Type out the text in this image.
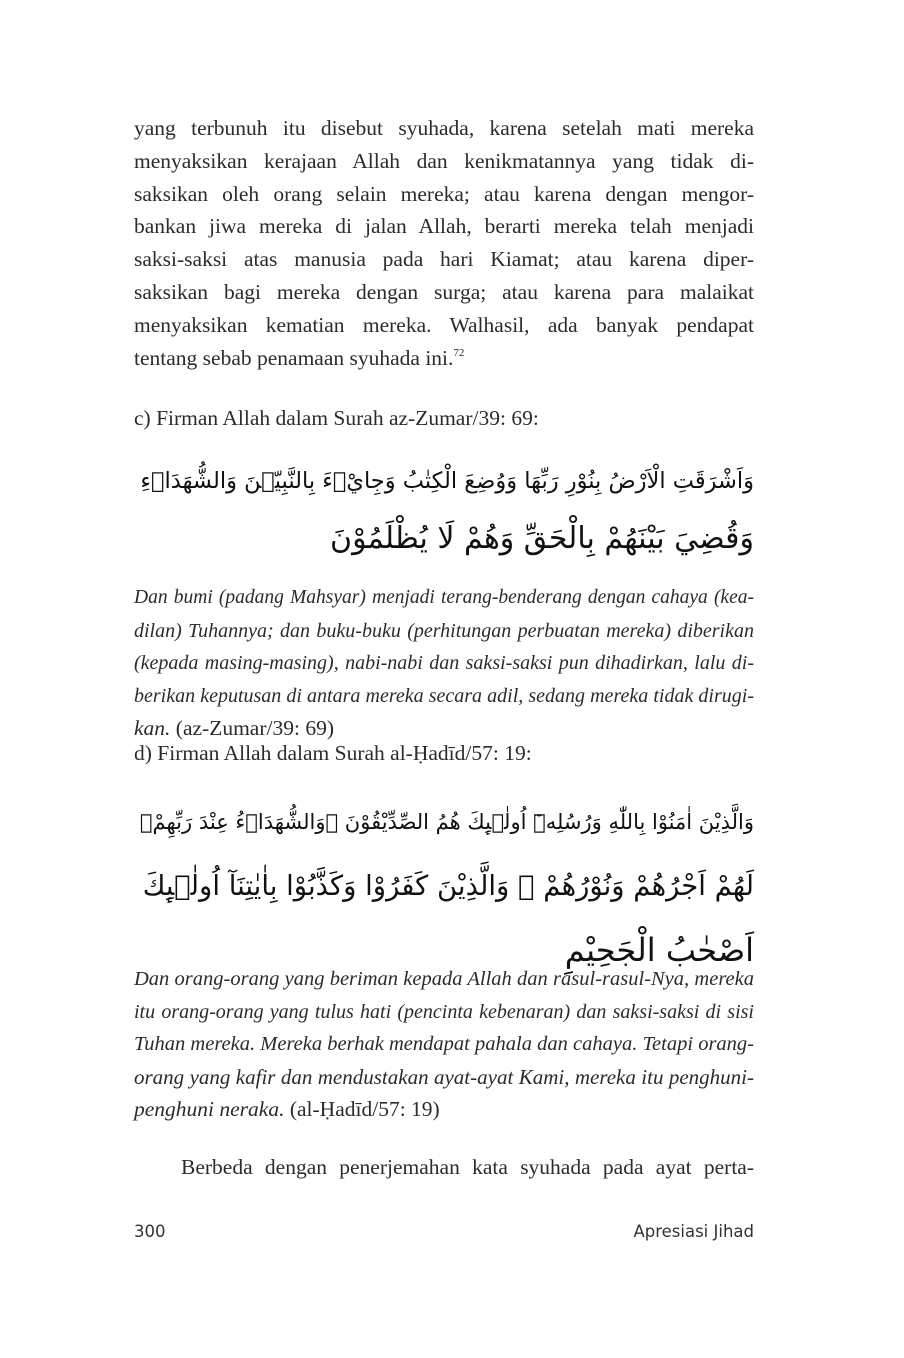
yang terbunuh itu disebut syuhada, karena setelah mati mereka
menyaksikan kerajaan Allah dan kenikmatannya yang tidak di-
saksikan oleh orang selain mereka; atau karena dengan mengor-
bankan jiwa mereka di jalan Allah, berarti mereka telah menjadi
saksi-saksi atas manusia pada hari Kiamat; atau karena diper-
saksikan bagi mereka dengan surga; atau karena para malaikat
menyaksikan kematian mereka. Walhasil, ada banyak pendapat
tentang sebab penamaan syuhada ini.$^{72}$
c) Firman Allah dalam Surah az-Zumar/39: 69:
وَاَشْرَقَتِ الْاَرْضُ بِنُوْرِ رَبِّهَا وَوُضِعَ الْكِتٰبُ وَجِايْۤءَ بِالنَّبِيّٖنَ وَالشُّهَدَاۤءِ
وَقُضِيَ بَيْنَهُمْ بِالْحَقِّ وَهُمْ لَا يُظْلَمُوْنَ
Dan bumi (padang Mahsyar) menjadi terang-benderang dengan cahaya (kea-
dilan) Tuhannya; dan buku-buku (perhitungan perbuatan mereka) diberikan
(kepada masing-masing), nabi-nabi dan saksi-saksi pun dihadirkan, lalu di-
berikan keputusan di antara mereka secara adil, sedang mereka tidak dirugi-
kan. (az-Zumar/39: 69)
d) Firman Allah dalam Surah al-Ḥadīd/57: 19:
وَالَّذِيْنَ اٰمَنُوْا بِاللّٰهِ وَرُسُلِهٖٓ اُولٰۤىِٕكَ هُمُ الصِّدِّيْقُوْنَ ۖوَالشُّهَدَاۤءُ عِنْدَ رَبِّهِمْۗ
لَهُمْ اَجْرُهُمْ وَنُوْرُهُمْ ۗ وَالَّذِيْنَ كَفَرُوْا وَكَذَّبُوْا بِاٰيٰتِنَآ اُولٰۤىِٕكَ
اَصْحٰبُ الْجَحِيْمِ
Dan orang-orang yang beriman kepada Allah dan rasul-rasul-Nya, mereka
itu orang-orang yang tulus hati (pencinta kebenaran) dan saksi-saksi di sisi
Tuhan mereka. Mereka berhak mendapat pahala dan cahaya. Tetapi orang-
orang yang kafir dan mendustakan ayat-ayat Kami, mereka itu penghuni-
penghuni neraka. (al-Ḥadīd/57: 19)
Berbeda dengan penerjemahan kata syuhada pada ayat perta-
300	Apresiasi Jihad
